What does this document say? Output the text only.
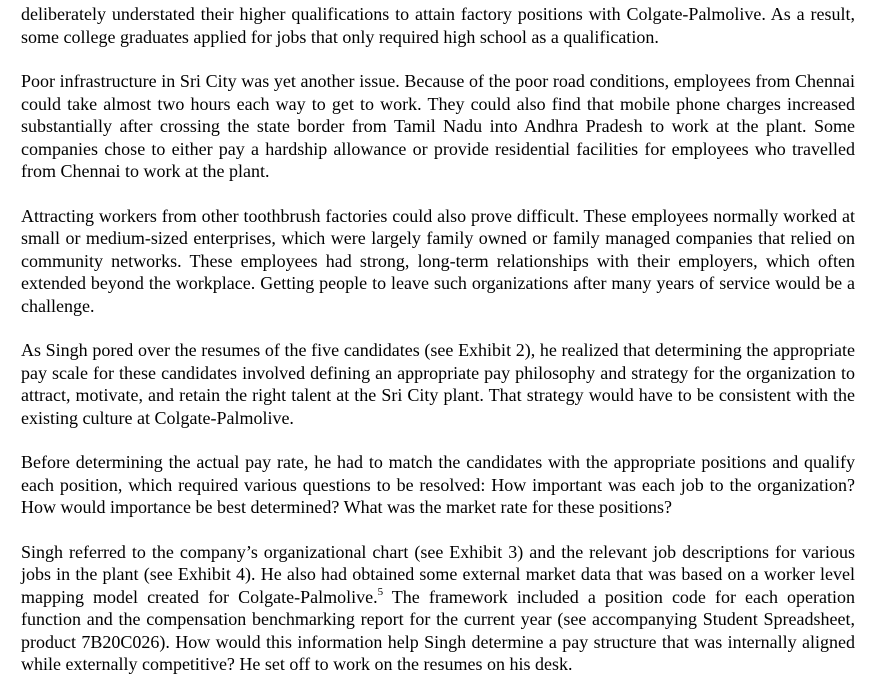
deliberately understated their higher qualifications to attain factory positions with Colgate-Palmolive. As a result, some college graduates applied for jobs that only required high school as a qualification.

Poor infrastructure in Sri City was yet another issue. Because of the poor road conditions, employees from Chennai could take almost two hours each way to get to work. They could also find that mobile phone charges increased substantially after crossing the state border from Tamil Nadu into Andhra Pradesh to work at the plant. Some companies chose to either pay a hardship allowance or provide residential facilities for employees who travelled from Chennai to work at the plant.

Attracting workers from other toothbrush factories could also prove difficult. These employees normally worked at small or medium-sized enterprises, which were largely family owned or family managed companies that relied on community networks. These employees had strong, long-term relationships with their employers, which often extended beyond the workplace. Getting people to leave such organizations after many years of service would be a challenge.

As Singh pored over the resumes of the five candidates (see Exhibit 2), he realized that determining the appropriate pay scale for these candidates involved defining an appropriate pay philosophy and strategy for the organization to attract, motivate, and retain the right talent at the Sri City plant. That strategy would have to be consistent with the existing culture at Colgate-Palmolive.

Before determining the actual pay rate, he had to match the candidates with the appropriate positions and qualify each position, which required various questions to be resolved: How important was each job to the organization? How would importance be best determined? What was the market rate for these positions?

Singh referred to the company’s organizational chart (see Exhibit 3) and the relevant job descriptions for various jobs in the plant (see Exhibit 4). He also had obtained some external market data that was based on a worker level mapping model created for Colgate-Palmolive.$^5$ The framework included a position code for each operation function and the compensation benchmarking report for the current year (see accompanying Student Spreadsheet, product 7B20C026). How would this information help Singh determine a pay structure that was internally aligned while externally competitive? He set off to work on the resumes on his desk.
